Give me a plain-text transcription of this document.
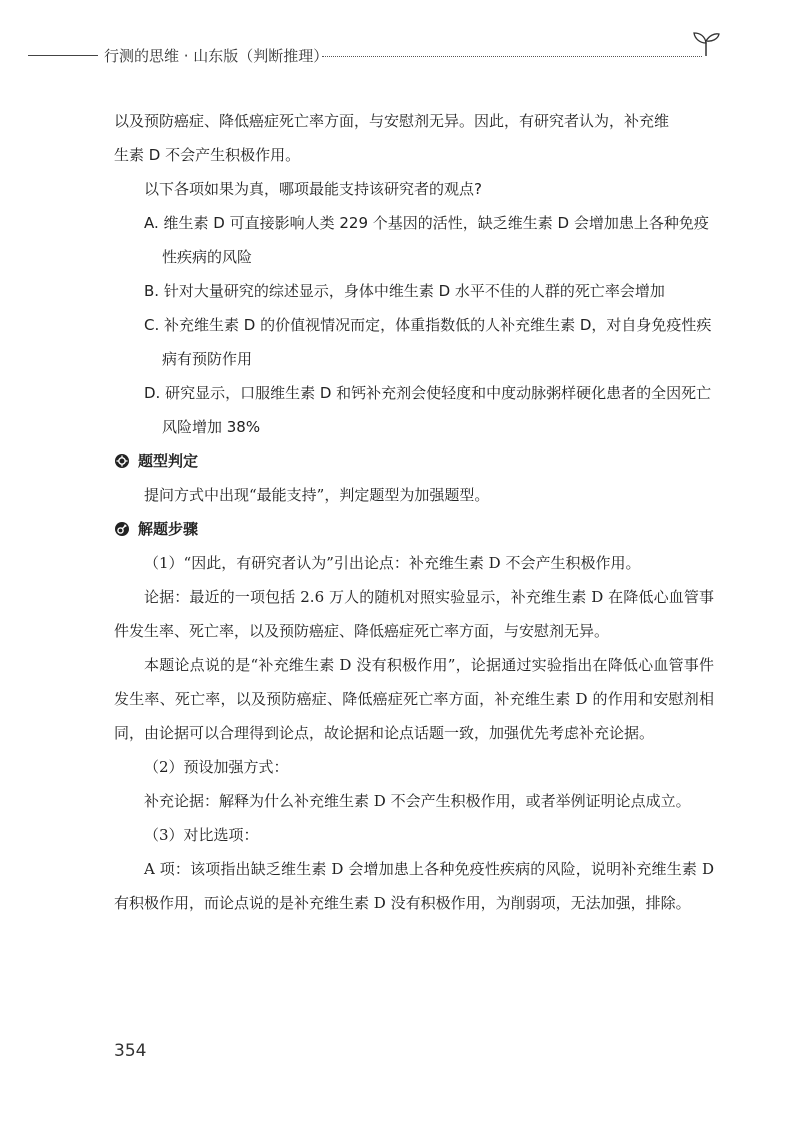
行测的思维 · 山东版（判断推理）

以及预防癌症、降低癌症死亡率方面，与安慰剂无异。因此，有研究者认为，补充维

生素 D 不会产生积极作用。

以下各项如果为真，哪项最能支持该研究者的观点?

A. 维生素 D 可直接影响人类 229 个基因的活性，缺乏维生素 D 会增加患上各种免疫性疾病的风险

B. 针对大量研究的综述显示，身体中维生素 D 水平不佳的人群的死亡率会增加

C. 补充维生素 D 的价值视情况而定，体重指数低的人补充维生素 D，对自身免疫性疾病有预防作用

D. 研究显示，口服维生素 D 和钙补充剂会使轻度和中度动脉粥样硬化患者的全因死亡风险增加 38%

题型判定

提问方式中出现“最能支持”，判定题型为加强题型。

解题步骤

（1）“因此，有研究者认为”引出论点：补充维生素 D 不会产生积极作用。

论据：最近的一项包括 2.6 万人的随机对照实验显示，补充维生素 D 在降低心血管事件发生率、死亡率，以及预防癌症、降低癌症死亡率方面，与安慰剂无异。

本题论点说的是“补充维生素 D 没有积极作用”，论据通过实验指出在降低心血管事件发生率、死亡率，以及预防癌症、降低癌症死亡率方面，补充维生素 D 的作用和安慰剂相同，由论据可以合理得到论点，故论据和论点话题一致，加强优先考虑补充论据。

（2）预设加强方式：

补充论据：解释为什么补充维生素 D 不会产生积极作用，或者举例证明论点成立。

（3）对比选项：

A 项：该项指出缺乏维生素 D 会增加患上各种免疫性疾病的风险，说明补充维生素 D 有积极作用，而论点说的是补充维生素 D 没有积极作用，为削弱项，无法加强，排除。

354
